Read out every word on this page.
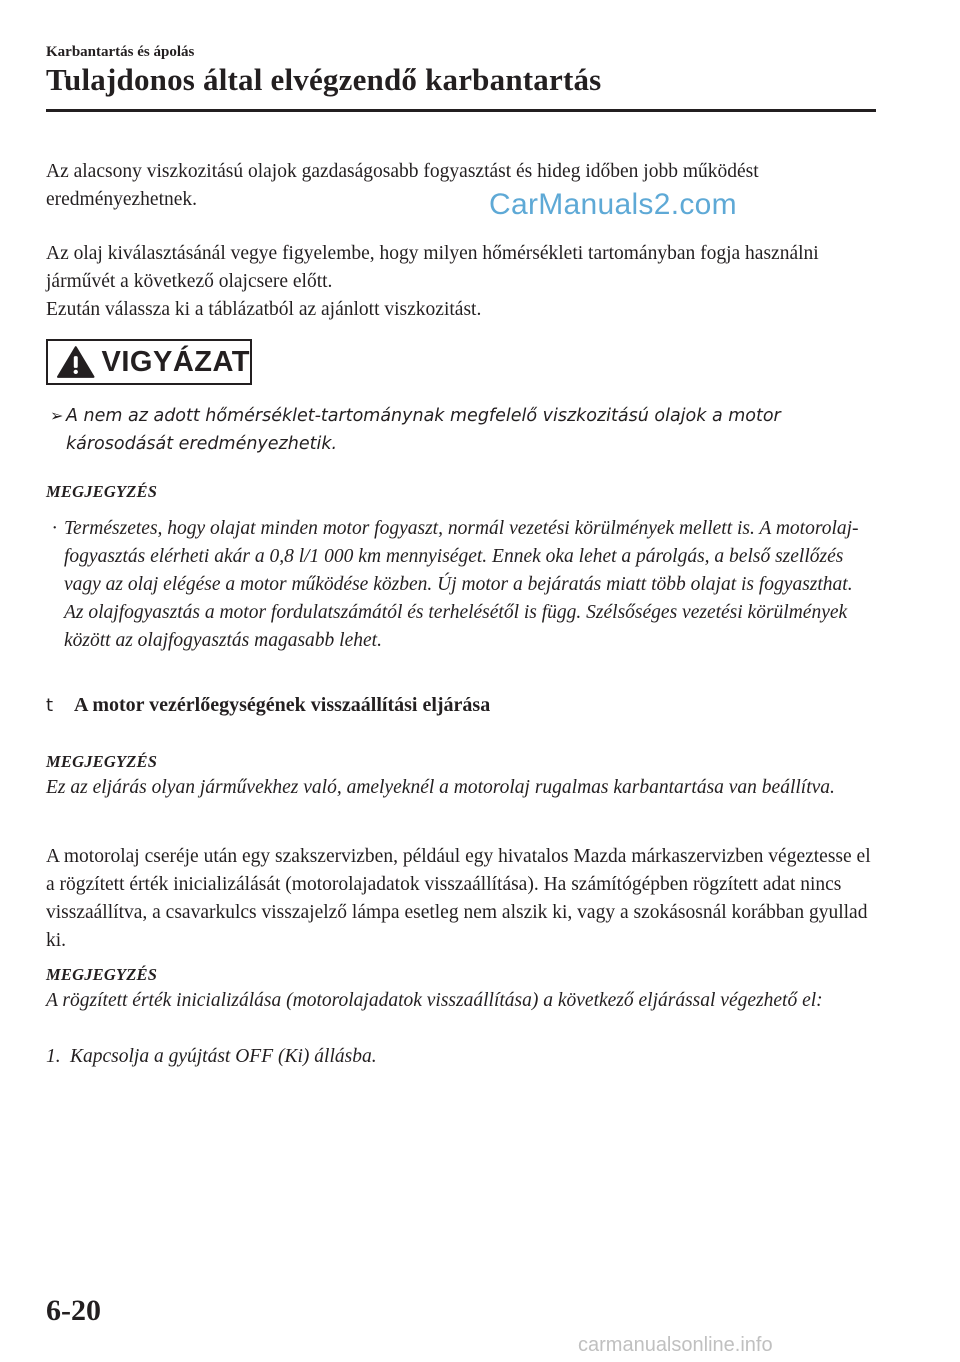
Karbantartás és ápolás
Tulajdonos által elvégzendő karbantartás

Az alacsony viszkozitású olajok gazdaságosabb fogyasztást és hideg időben jobb működést eredményezhetnek.

Az olaj kiválasztásánál vegye figyelembe, hogy milyen hőmérsékleti tartományban fogja használni járművét a következő olajcsere előtt.

Ezután válassza ki a táblázatból az ajánlott viszkozitást.

CarManuals2.com
VIGYÁZAT
➢ A nem az adott hőmérséklet-tartománynak megfelelő viszkozitású olajok a motor károsodását eredményezhetik.
MEGJEGYZÉS
· Természetes, hogy olajat minden motor fogyaszt, normál vezetési körülmények mellett is. A motorolaj-fogyasztás elérheti akár a 0,8 l/1 000 km mennyiséget. Ennek oka lehet a párolgás, a belső szellőzés vagy az olaj elégése a motor működése közben. Új motor a bejáratás miatt több olajat is fogyaszthat. Az olajfogyasztás a motor fordulatszámától és terhelésétől is függ. Szélsőséges vezetési körülmények között az olajfogyasztás magasabb lehet.
t A motor vezérlőegységének visszaállítási eljárása
MEGJEGYZÉS

Ez az eljárás olyan járművekhez való, amelyeknél a motorolaj rugalmas karbantartása van beállítva.

A motorolaj cseréje után egy szakszervizben, például egy hivatalos Mazda márkaszervizben végeztesse el a rögzített érték inicializálását (motorolajadatok visszaállítása). Ha számítógépben rögzített adat nincs visszaállítva, a csavarkulcs visszajelző lámpa esetleg nem alszik ki, vagy a szokásosnál korábban gyullad ki.

MEGJEGYZÉS

A rögzített érték inicializálása (motorolajadatok visszaállítása) a következő eljárással végezhető el:

1. Kapcsolja a gyújtást OFF (Ki) állásba.
6-20
carmanualsonline.info
